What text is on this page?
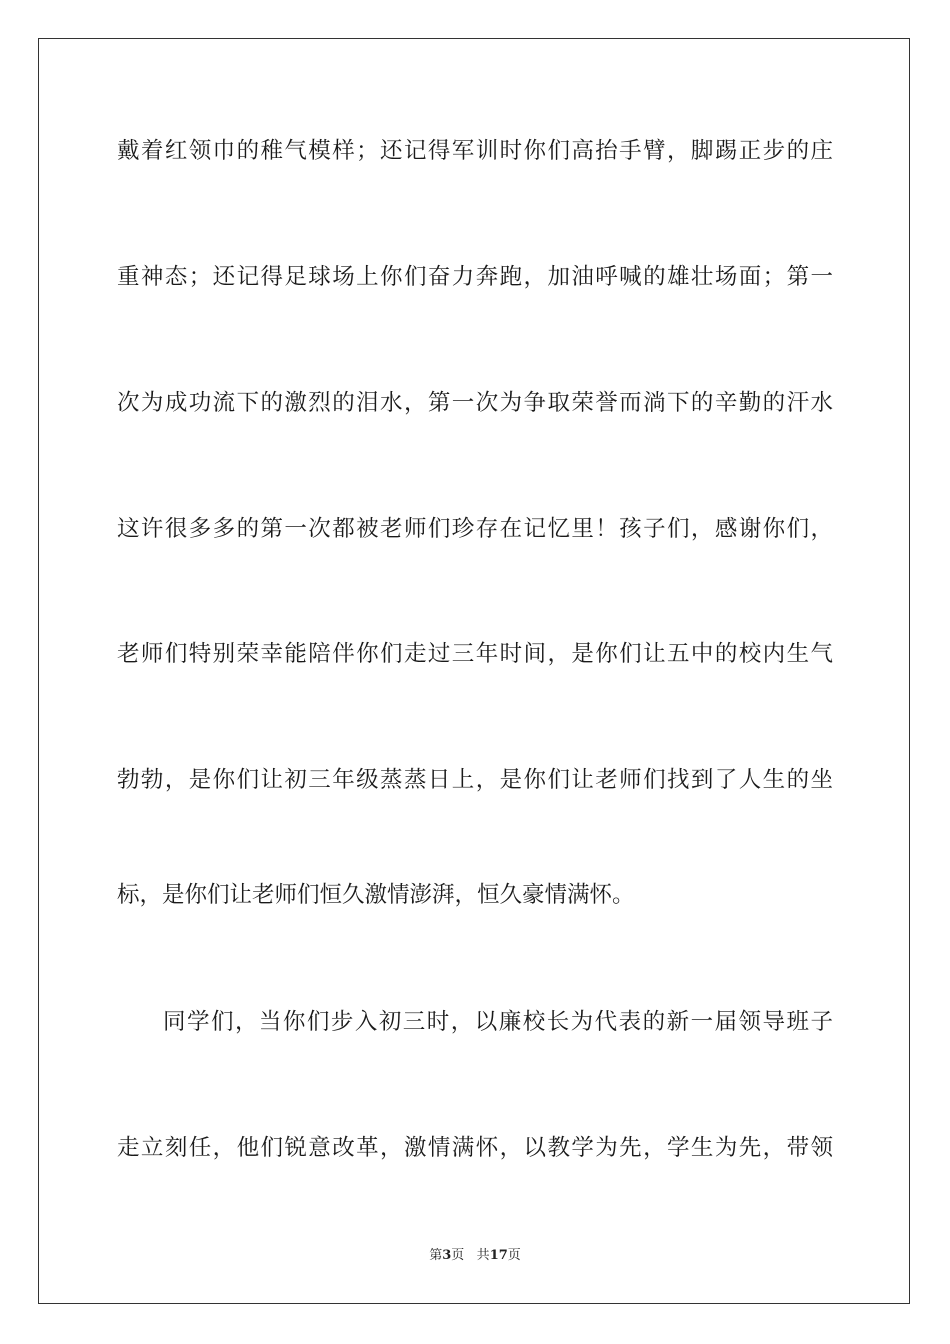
戴着红领巾的稚气模样；还记得军训时你们高抬手臂，脚踢正步的庄
重神态；还记得足球场上你们奋力奔跑，加油呼喊的雄壮场面；第一
次为成功流下的激烈的泪水，第一次为争取荣誉而淌下的辛勤的汗水
这许很多多的第一次都被老师们珍存在记忆里！孩子们，感谢你们，
老师们特别荣幸能陪伴你们走过三年时间，是你们让五中的校内生气
勃勃，是你们让初三年级蒸蒸日上，是你们让老师们找到了人生的坐
标，是你们让老师们恒久激情澎湃，恒久豪情满怀。
同学们，当你们步入初三时，以廉校长为代表的新一届领导班子
走立刻任，他们锐意改革，激情满怀，以教学为先，学生为先，带领
第3页 共17页
